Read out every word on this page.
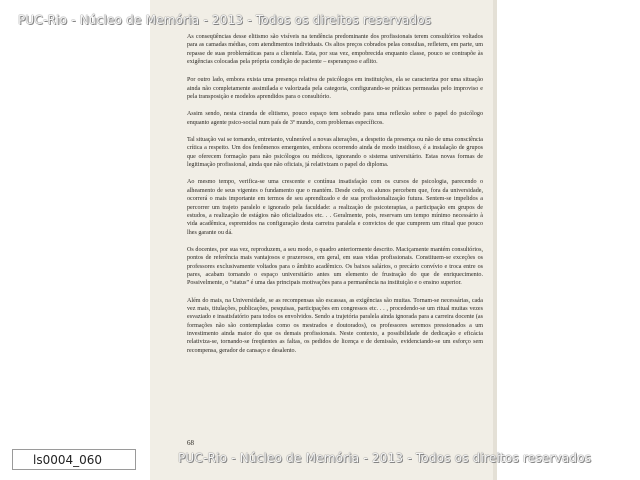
PUC-Rio - Núcleo de Memória - 2013 - Todos os direitos reservados

As conseqüências desse elitismo são visíveis na tendência predominante dos profissionais terem consultórios voltados para as camadas médias, com atendimentos individuais. Os altos preços cobrados pelas consultas, refletem, em parte, um repasse de suas problemáticas para a clientela. Esta, por sua vez, empobrecida enquanto classe, pouco se contrapõe às exigências colocadas pela própria condição de paciente – esperançoso e aflito.

Por outro lado, embora exista uma presença relativa de psicólogos em instituições, ela se caracteriza por uma situação ainda não completamente assimilada e valorizada pela categoria, configurando-se práticas permeadas pelo improviso e pela transposição e modelos aprendidos para o consultório.

Assim sendo, nesta ciranda de elitismo, pouco espaço tem sobrado para uma reflexão sobre o papel do psicólogo enquanto agente psico-social num país de 3º mundo, com problemas específicos.

Tal situação vai se tornando, entretanto, vulnerável a novas alterações, a despeito da presença ou não de uma consciência crítica a respeito. Um dos fenômenos emergentes, embora ocorrendo ainda de modo insidioso, é a instalação de grupos que oferecem formação para não psicólogos ou médicos, ignorando o sistema universitário. Estas novas formas de legitimação profissional, ainda que não oficiais, já relativizam o papel do diploma.

Ao mesmo tempo, verifica-se uma crescente e contínua insatisfação com os cursos de psicologia, parecendo o alheamento de seus vigentes o fundamento que o mantém. Desde cedo, os alunos percebem que, fora da universidade, ocorrerá o mais importante em termos de seu aprendizado e de sua profissionalização futura. Sentem-se impelidos a percorrer um trajeto paralelo e ignorado pela faculdade: a realização de psicoterapias, a participação em grupos de estudos, a realização de estágios não oficializados etc. . . Geralmente, pois, reservam um tempo mínimo necessário à vida acadêmica, espremidos na configuração desta carreira paralela e convictos de que cumprem um ritual que pouco lhes garante ou dá.

Os docentes, por sua vez, reproduzem, a seu modo, o quadro anteriormente descrito. Maciçamente mantém consultórios, pontos de referência mais vantajosos e prazerosos, em geral, em suas vidas profissionais. Constituem-se exceções os professores exclusivamente voltados para o âmbito acadêmico. Os baixos salários, o precário convívio e troca entre os pares, acabam tornando o espaço universitário antes um elemento de frustração do que de enriquecimento. Possivelmente, o “status” é uma das principais motivações para a permanência na instituição e o ensino superior.

Além do mais, na Universidade, se as recompensas são escassas, as exigências são muitas. Tornam-se necessárias, cada vez mais, titulações, publicações, pesquisas, participações em congressos etc. . . , procedendo-se um ritual muitas vezes esvaziado e insatisfatório para todos os envolvidos. Sendo a trajetória paralela ainda ignorada para a carreira docente (as formações não são contempladas como os mestrados e doutorados), os professores seremos pressionados a um investimento ainda maior do que os demais profissionais. Neste contexto, a possibilidade de dedicação e eficácia relativiza-se, tornando-se freqüentes as faltas, os pedidos de licença e de demissão, evidenciando-se um esforço sem recompensa, gerador de cansaço e desalento.

68
ls0004_060	PUC-Rio - Núcleo de Memória - 2013 - Todos os direitos reservados
